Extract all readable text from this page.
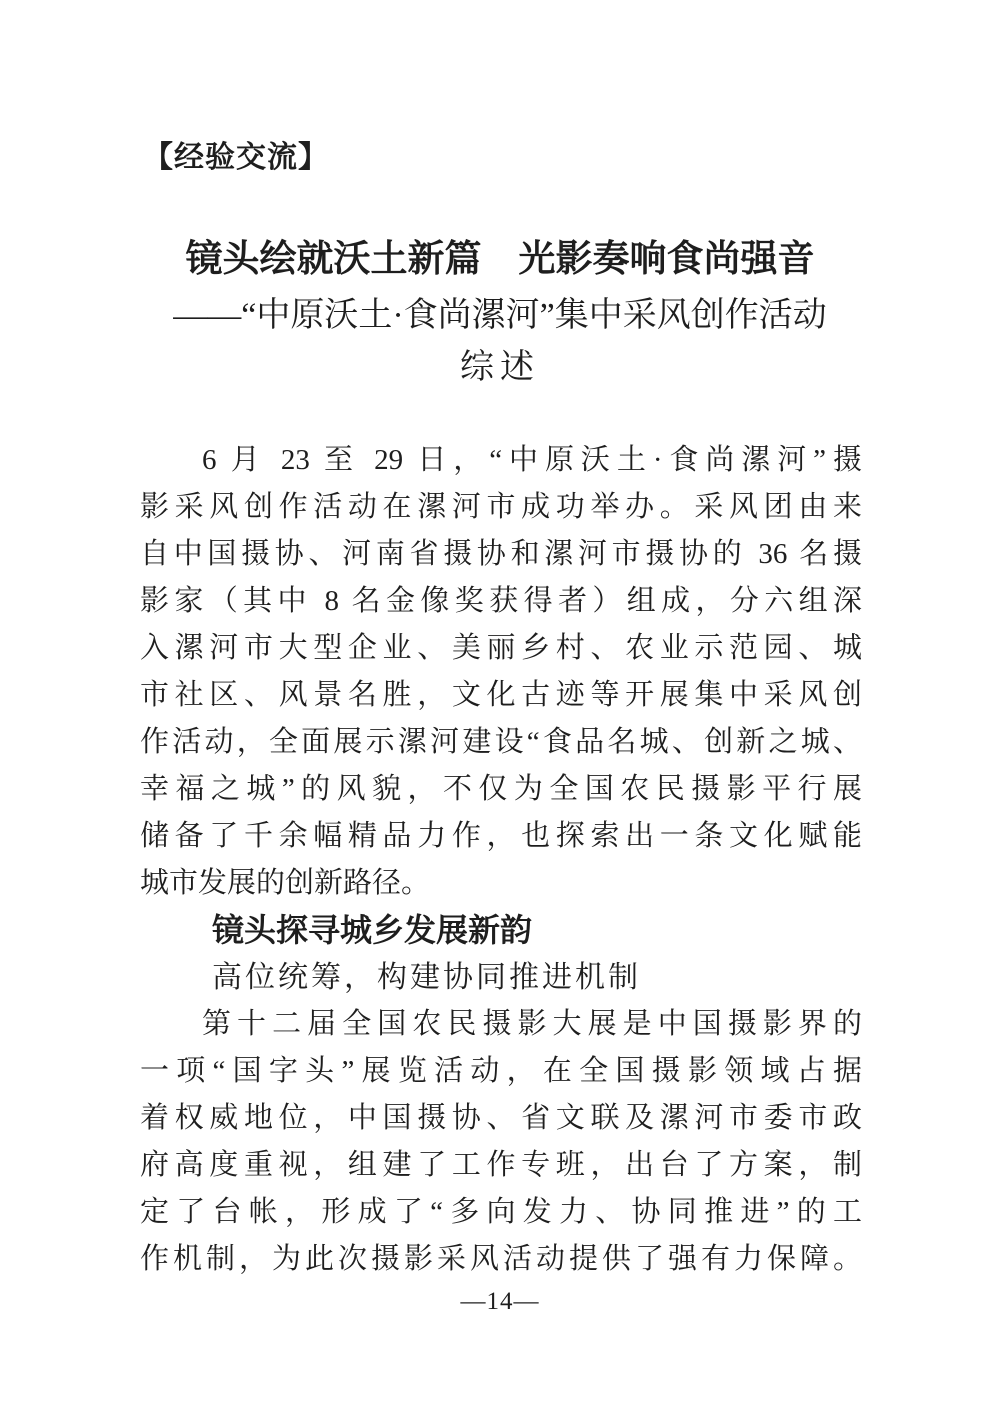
【经验交流】
镜头绘就沃土新篇　光影奏响食尚强音
——“中原沃土·食尚漯河”集中采风创作活动
综述
6 月 23 至 29 日，“中原沃土·食尚漯河”摄
影采风创作活动在漯河市成功举办。采风团由来
自中国摄协、河南省摄协和漯河市摄协的 36 名摄
影家（其中 8 名金像奖获得者）组成，分六组深
入漯河市大型企业、美丽乡村、农业示范园、城
市社区、风景名胜，文化古迹等开展集中采风创
作活动，全面展示漯河建设“食品名城、创新之城、
幸福之城”的风貌，不仅为全国农民摄影平行展
储备了千余幅精品力作，也探索出一条文化赋能
城市发展的创新路径。
镜头探寻城乡发展新韵
高位统筹，构建协同推进机制
第十二届全国农民摄影大展是中国摄影界的
一项“国字头”展览活动，在全国摄影领域占据
着权威地位，中国摄协、省文联及漯河市委市政
府高度重视，组建了工作专班，出台了方案，制
定了台帐，形成了“多向发力、协同推进”的工
作机制，为此次摄影采风活动提供了强有力保障。
—14—
